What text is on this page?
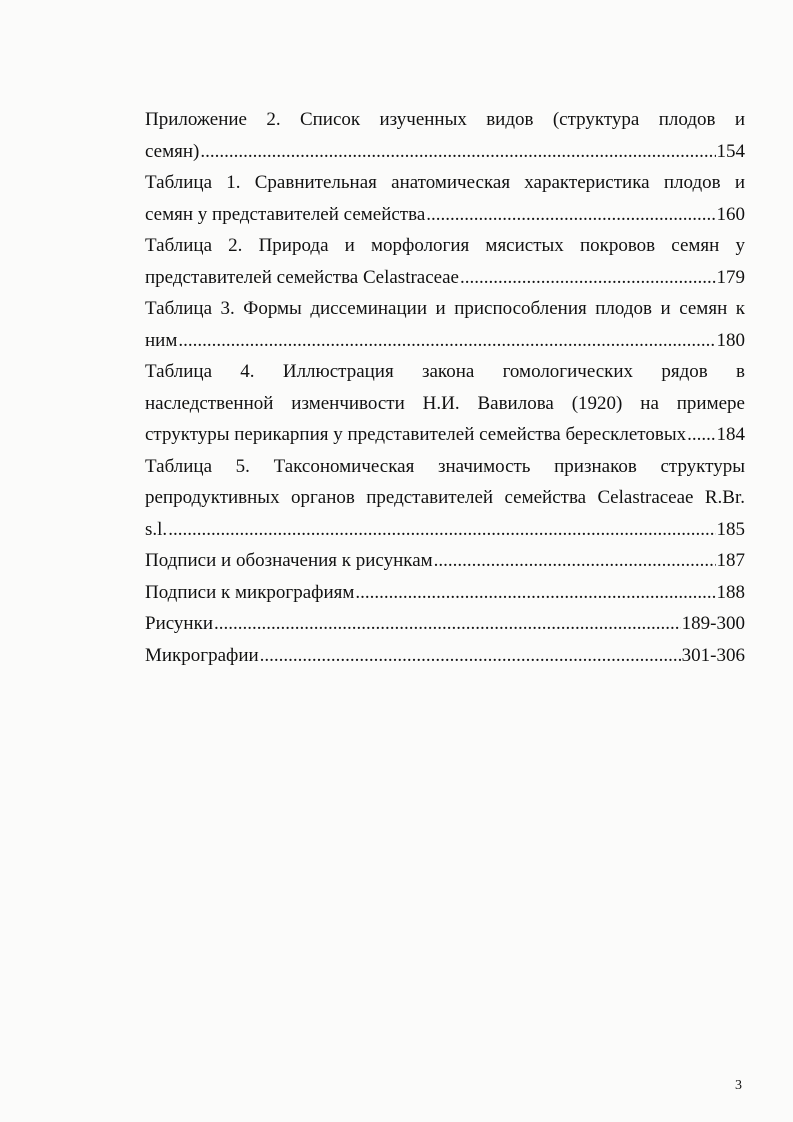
Приложение 2. Список изученных видов (структура плодов и
семян) .....	154
Таблица 1. Сравнительная анатомическая характеристика плодов и
семян у представителей семейства .....	160
Таблица 2. Природа и морфология мясистых покровов семян у
представителей семейства Celastraceae .....	179
Таблица 3. Формы диссеминации и приспособления плодов и семян к
ним .....	180
Таблица 4. Иллюстрация закона гомологических рядов в
наследственной изменчивости Н.И. Вавилова (1920) на примере
структуры перикарпия у представителей семейства бересклетовых ..... 184
Таблица 5. Таксономическая значимость признаков структуры
репродуктивных органов представителей семейства Celastraceae R.Br.
s.l. .....	185
Подписи и обозначения к рисункам .....	187
Подписи к микрографиям .....	188
Рисунки .....	189-300
Микрографии .....	301-306
3
